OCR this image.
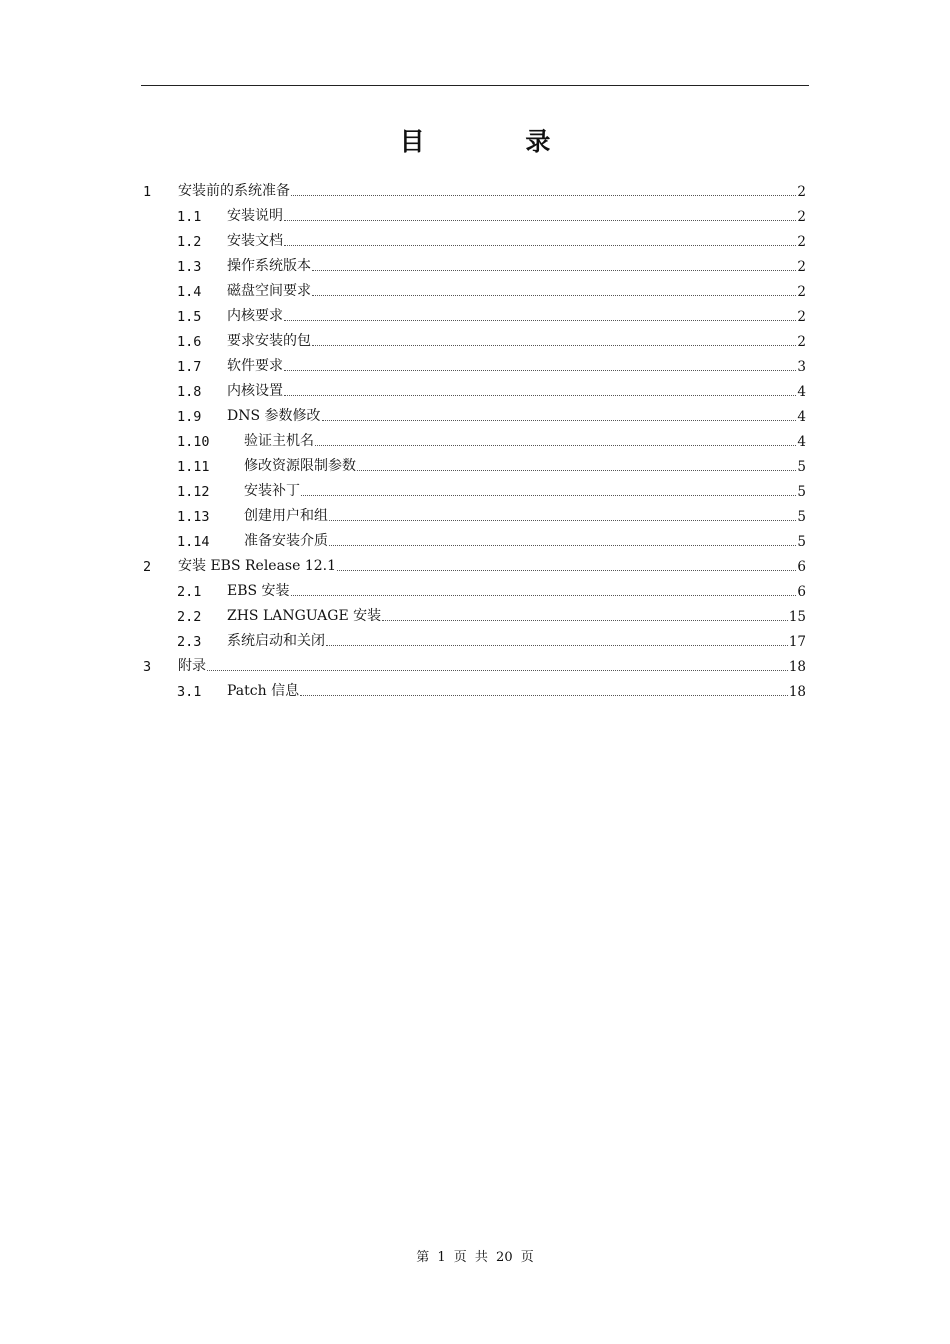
目 录
1	安装前的系统准备	2
1.1	安装说明	2
1.2	安装文档	2
1.3	操作系统版本	2
1.4	磁盘空间要求	2
1.5	内核要求	2
1.6	要求安装的包	2
1.7	软件要求	3
1.8	内核设置	4
1.9	DNS 参数修改	4
1.10	验证主机名	4
1.11	修改资源限制参数	5
1.12	安装补丁	5
1.13	创建用户和组	5
1.14	准备安装介质	5
2	安装 EBS Release 12.1	6
2.1	EBS 安装	6
2.2	ZHS LANGUAGE 安装	15
2.3	系统启动和关闭	17
3	附录	18
3.1	Patch 信息	18
第 1 页 共 20 页
